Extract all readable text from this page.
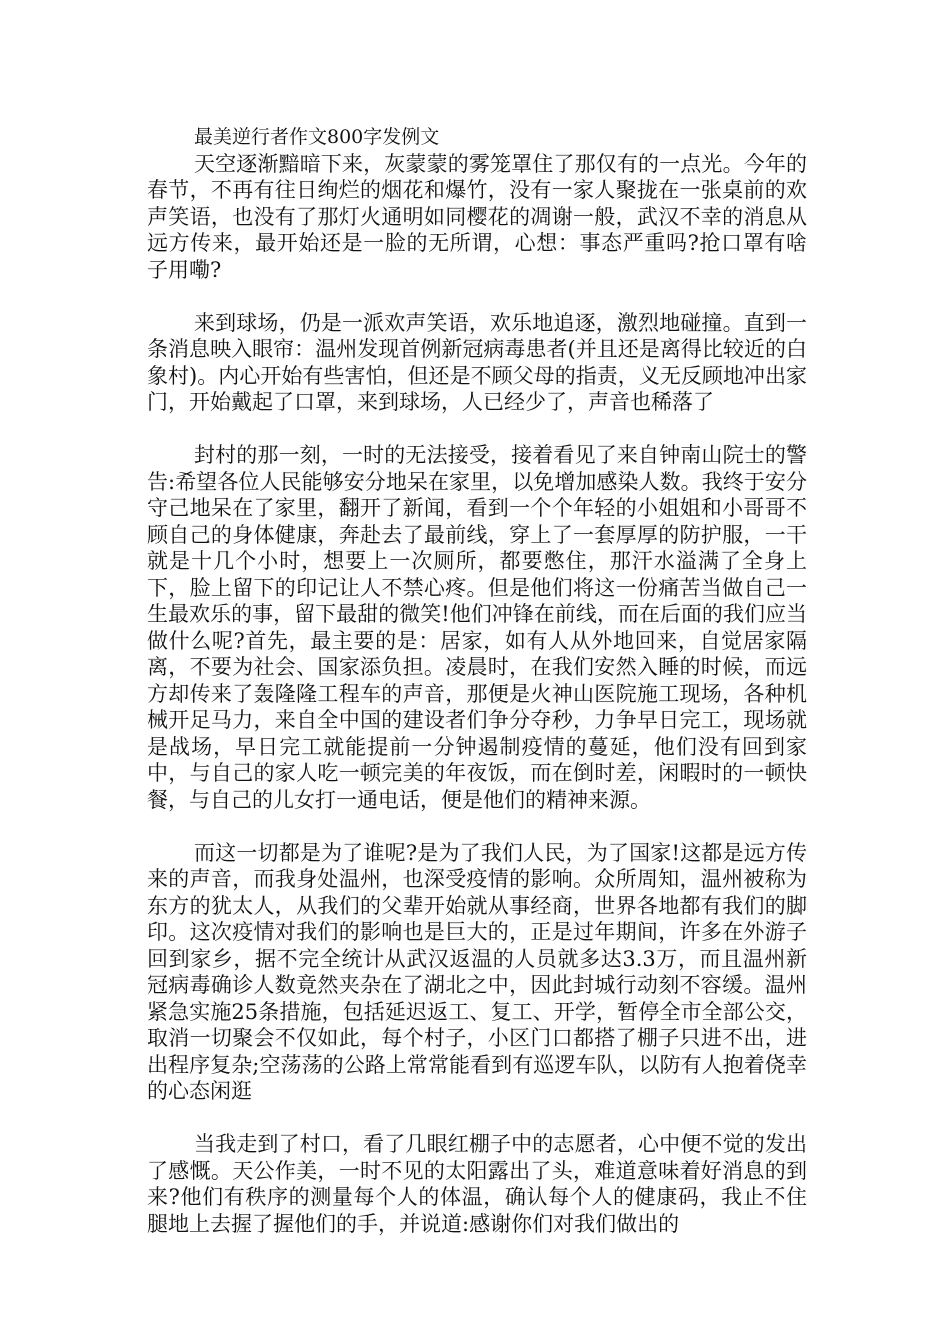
最美逆行者作文800字发例文

天空逐渐黯暗下来，灰蒙蒙的雾笼罩住了那仅有的一点光。今年的春节，不再有往日绚烂的烟花和爆竹，没有一家人聚拢在一张桌前的欢声笑语，也没有了那灯火通明如同樱花的凋谢一般，武汉不幸的消息从远方传来，最开始还是一脸的无所谓，心想：事态严重吗?抢口罩有啥子用嘞?

来到球场，仍是一派欢声笑语，欢乐地追逐，激烈地碰撞。直到一条消息映入眼帘：温州发现首例新冠病毒患者(并且还是离得比较近的白象村)。内心开始有些害怕，但还是不顾父母的指责，义无反顾地冲出家门，开始戴起了口罩，来到球场，人已经少了，声音也稀落了

封村的那一刻，一时的无法接受，接着看见了来自钟南山院士的警告:希望各位人民能够安分地呆在家里，以免增加感染人数。我终于安分守己地呆在了家里，翻开了新闻，看到一个个年轻的小姐姐和小哥哥不顾自己的身体健康，奔赴去了最前线，穿上了一套厚厚的防护服，一干就是十几个小时，想要上一次厕所，都要憋住，那汗水溢满了全身上下，脸上留下的印记让人不禁心疼。但是他们将这一份痛苦当做自己一生最欢乐的事，留下最甜的微笑!他们冲锋在前线，而在后面的我们应当做什么呢?首先，最主要的是：居家，如有人从外地回来，自觉居家隔离，不要为社会、国家添负担。凌晨时，在我们安然入睡的时候，而远方却传来了轰隆隆工程车的声音，那便是火神山医院施工现场，各种机械开足马力，来自全中国的建设者们争分夺秒，力争早日完工，现场就是战场，早日完工就能提前一分钟遏制疫情的蔓延，他们没有回到家中，与自己的家人吃一顿完美的年夜饭，而在倒时差，闲暇时的一顿快餐，与自己的儿女打一通电话，便是他们的精神来源。

而这一切都是为了谁呢?是为了我们人民，为了国家!这都是远方传来的声音，而我身处温州，也深受疫情的影响。众所周知，温州被称为东方的犹太人，从我们的父辈开始就从事经商，世界各地都有我们的脚印。这次疫情对我们的影响也是巨大的，正是过年期间，许多在外游子回到家乡，据不完全统计从武汉返温的人员就多达3.3万，而且温州新冠病毒确诊人数竟然夹杂在了湖北之中，因此封城行动刻不容缓。温州紧急实施25条措施，包括延迟返工、复工、开学，暂停全市全部公交，取消一切聚会不仅如此，每个村子，小区门口都搭了棚子只进不出，进出程序复杂;空荡荡的公路上常常能看到有巡逻车队，以防有人抱着侥幸的心态闲逛

当我走到了村口，看了几眼红棚子中的志愿者，心中便不觉的发出了感慨。天公作美，一时不见的太阳露出了头，难道意味着好消息的到来?他们有秩序的测量每个人的体温，确认每个人的健康码，我止不住腿地上去握了握他们的手，并说道:感谢你们对我们做出的
